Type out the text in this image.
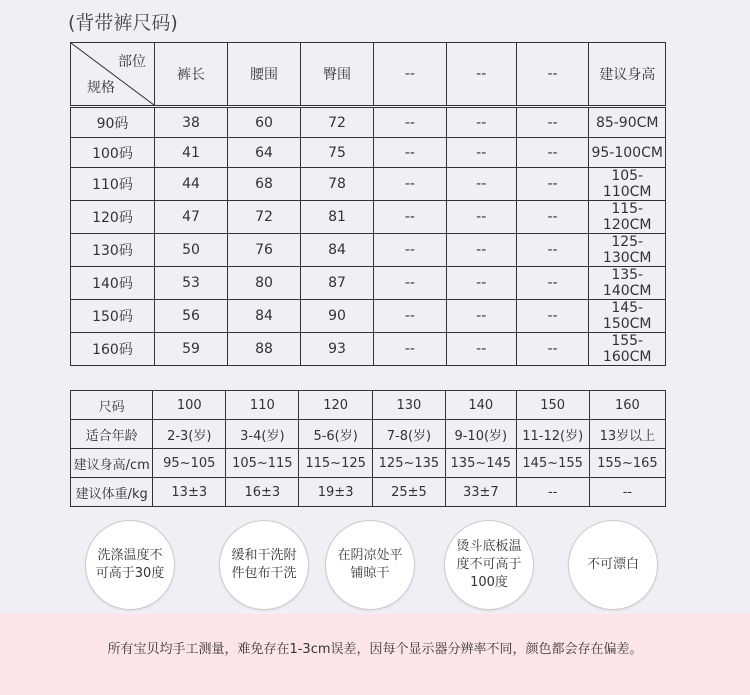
(背带裤尺码)
部位
规格	裤长	腰围	臀围	--	--	--	建议身高

90码	38	60	72	--	--	--	85-90CM
100码	41	64	75	--	--	--	95-100CM
110码	44	68	78	--	--	--	105-110CM
120码	47	72	81	--	--	--	115-120CM
130码	50	76	84	--	--	--	125-130CM
140码	53	80	87	--	--	--	135-140CM
150码	56	84	90	--	--	--	145-150CM
160码	59	88	93	--	--	--	155-160CM
尺码	100	110	120	130	140	150	160
适合年龄	2-3(岁)	3-4(岁)	5-6(岁)	7-8(岁)	9-10(岁)	11-12(岁)	13岁以上
建议身高/cm	95~105	105~115	115~125	125~135	135~145	145~155	155~165
建议体重/kg	13±3	16±3	19±3	25±5	33±7	--	--
洗涤温度不可高于30度
缓和干洗附件包布干洗
在阴凉处平铺晾干
烫斗底板温度不可高于100度
不可漂白
所有宝贝均手工测量，难免存在1-3cm误差，因每个显示器分辨率不同，颜色都会存在偏差。
